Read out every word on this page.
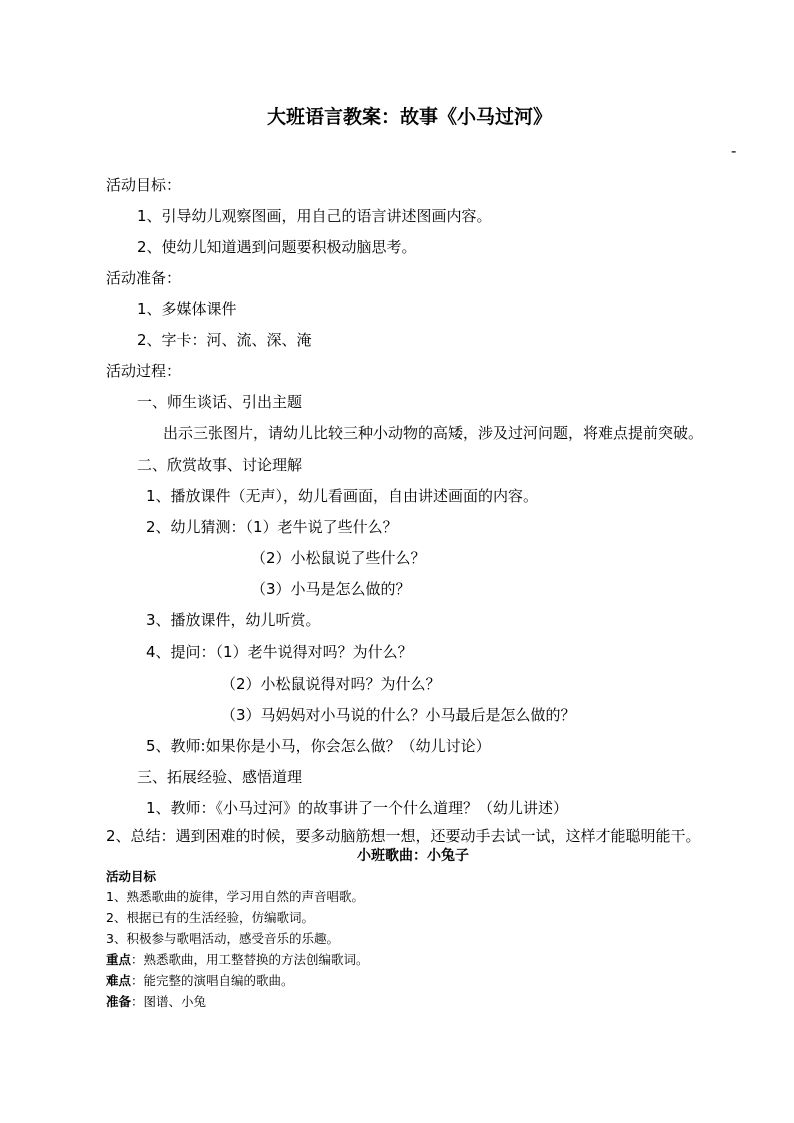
大班语言教案：故事《小马过河》
-
活动目标：
1、引导幼儿观察图画，用自己的语言讲述图画内容。
2、使幼儿知道遇到问题要积极动脑思考。
活动准备：
1、多媒体课件
2、字卡：河、流、深、淹
活动过程：
一、师生谈话、引出主题
出示三张图片，请幼儿比较三种小动物的高矮，涉及过河问题，将难点提前突破。
二、欣赏故事、讨论理解
1、播放课件（无声），幼儿看画面，自由讲述画面的内容。
2、幼儿猜测：（1）老牛说了些什么？
（2）小松鼠说了些什么？
（3）小马是怎么做的？
3、播放课件，幼儿听赏。
4、提问：（1）老牛说得对吗？为什么？
（2）小松鼠说得对吗？为什么？
（3）马妈妈对小马说的什么？小马最后是怎么做的？
5、教师:如果你是小马，你会怎么做？（幼儿讨论）
三、拓展经验、感悟道理
1、教师：《小马过河》的故事讲了一个什么道理？（幼儿讲述）
2、总结：遇到困难的时候，要多动脑筋想一想，还要动手去试一试，这样才能聪明能干。
小班歌曲：小兔子
活动目标
1、熟悉歌曲的旋律，学习用自然的声音唱歌。
2、根据已有的生活经验，仿编歌词。
3、积极参与歌唱活动，感受音乐的乐趣。
重点：熟悉歌曲，用工整替换的方法创编歌词。
难点：能完整的演唱自编的歌曲。
准备：图谱、小兔
